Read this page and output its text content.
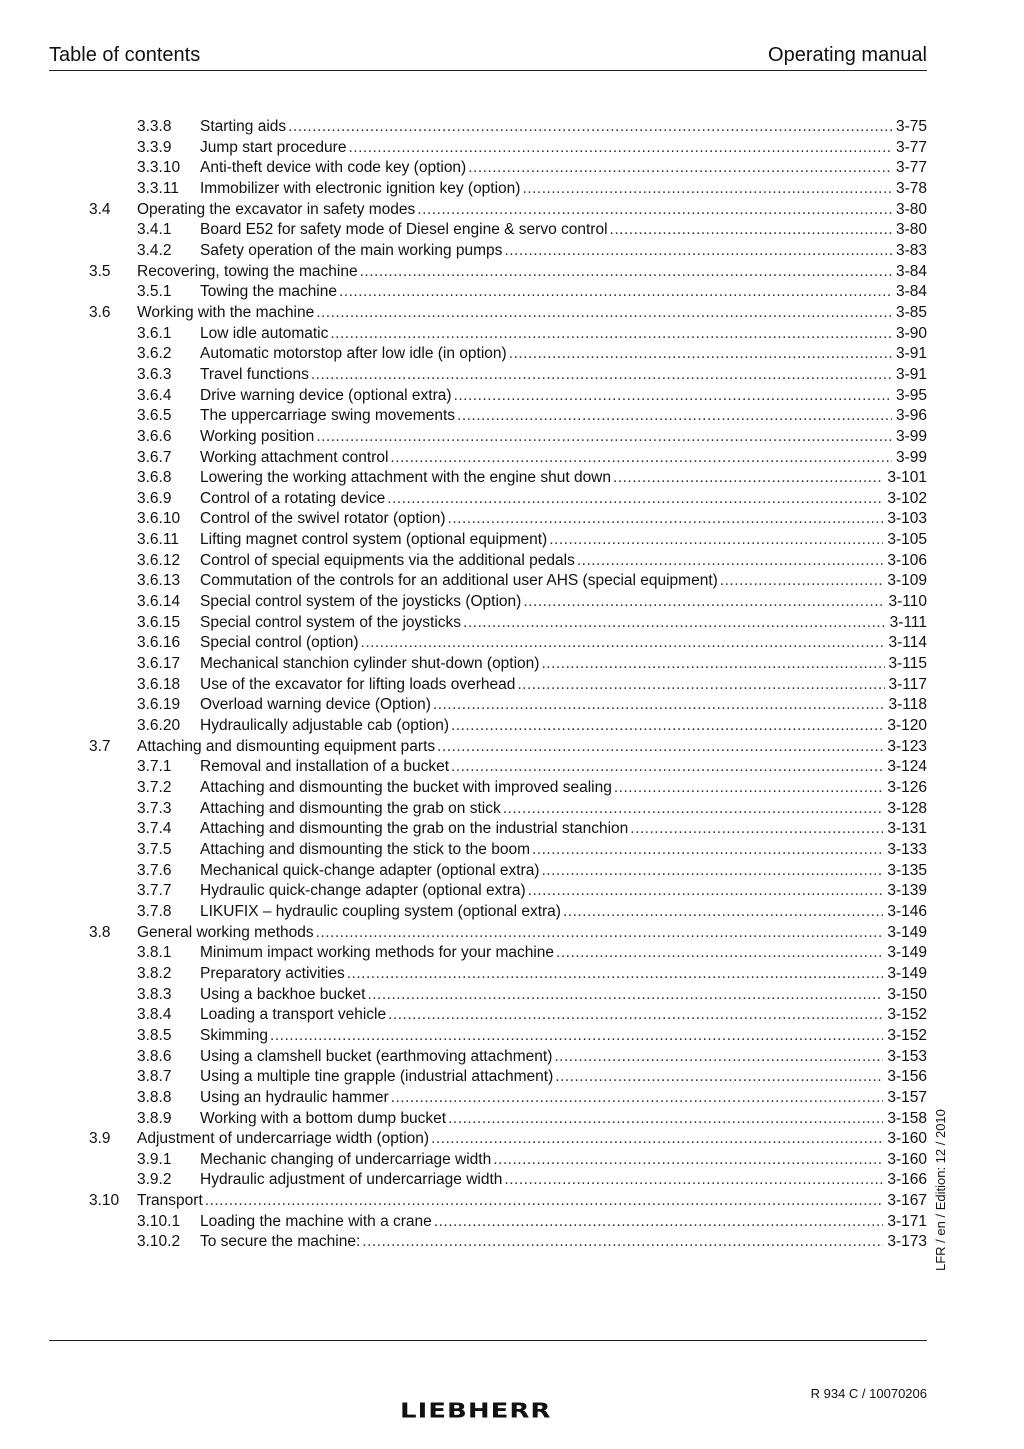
Table of contents	Operating manual
3.3.8 Starting aids .....	3-75
3.3.9 Jump start procedure .....	3-77
3.3.10 Anti-theft device with code key (option) .....	3-77
3.3.11 Immobilizer with electronic ignition key (option) .....	3-78
3.4 Operating the excavator in safety modes .....	3-80
3.4.1 Board E52 for safety mode of Diesel engine & servo control .....	3-80
3.4.2 Safety operation of the main working pumps .....	3-83
3.5 Recovering, towing the machine .....	3-84
3.5.1 Towing the machine .....	3-84
3.6 Working with the machine .....	3-85
3.6.1 Low idle automatic .....	3-90
3.6.2 Automatic motorstop after low idle (in option) .....	3-91
3.6.3 Travel functions .....	3-91
3.6.4 Drive warning device (optional extra) .....	3-95
3.6.5 The uppercarriage swing movements .....	3-96
3.6.6 Working position .....	3-99
3.6.7 Working attachment control .....	3-99
3.6.8 Lowering the working attachment with the engine shut down .....	3-101
3.6.9 Control of a rotating device .....	3-102
3.6.10 Control of the swivel rotator (option) .....	3-103
3.6.11 Lifting magnet control system (optional equipment) .....	3-105
3.6.12 Control of special equipments via the additional pedals .....	3-106
3.6.13 Commutation of the controls for an additional user AHS (special equipment) .....	3-109
3.6.14 Special control system of the joysticks (Option) .....	3-110
3.6.15 Special control system of the joysticks .....	3-111
3.6.16 Special control (option) .....	3-114
3.6.17 Mechanical stanchion cylinder shut-down (option) .....	3-115
3.6.18 Use of the excavator for lifting loads overhead .....	3-117
3.6.19 Overload warning device (Option) .....	3-118
3.6.20 Hydraulically adjustable cab (option) .....	3-120
3.7 Attaching and dismounting equipment parts .....	3-123
3.7.1 Removal and installation of a bucket .....	3-124
3.7.2 Attaching and dismounting the bucket with improved sealing .....	3-126
3.7.3 Attaching and dismounting the grab on stick .....	3-128
3.7.4 Attaching and dismounting the grab on the industrial stanchion .....	3-131
3.7.5 Attaching and dismounting the stick to the boom .....	3-133
3.7.6 Mechanical quick-change adapter (optional extra) .....	3-135
3.7.7 Hydraulic quick-change adapter (optional extra) .....	3-139
3.7.8 LIKUFIX – hydraulic coupling system (optional extra) .....	3-146
3.8 General working methods .....	3-149
3.8.1 Minimum impact working methods for your machine .....	3-149
3.8.2 Preparatory activities .....	3-149
3.8.3 Using a backhoe bucket .....	3-150
3.8.4 Loading a transport vehicle .....	3-152
3.8.5 Skimming .....	3-152
3.8.6 Using a clamshell bucket (earthmoving attachment) .....	3-153
3.8.7 Using a multiple tine grapple (industrial attachment) .....	3-156
3.8.8 Using an hydraulic hammer .....	3-157
3.8.9 Working with a bottom dump bucket .....	3-158
3.9 Adjustment of undercarriage width (option) .....	3-160
3.9.1 Mechanic changing of undercarriage width .....	3-160
3.9.2 Hydraulic adjustment of undercarriage width .....	3-166
3.10 Transport .....	3-167
3.10.1 Loading the machine with a crane .....	3-171
3.10.2 To secure the machine: .....	3-173 LFR / en / Edition: 12 / 2010
LIEBHERR
R 934 C / 10070206
